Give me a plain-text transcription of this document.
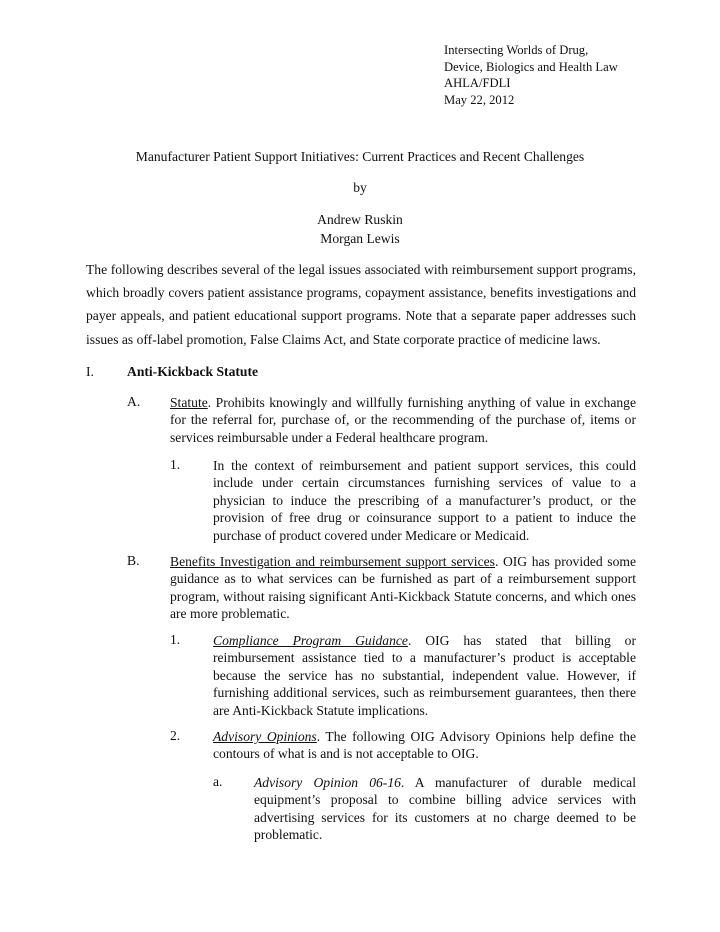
Intersecting Worlds of Drug,
Device, Biologics and Health Law
AHLA/FDLI
May 22, 2012
Manufacturer Patient Support Initiatives: Current Practices and Recent Challenges
by
Andrew Ruskin
Morgan Lewis
The following describes several of the legal issues associated with reimbursement support programs, which broadly covers patient assistance programs, copayment assistance, benefits investigations and payer appeals, and patient educational support programs. Note that a separate paper addresses such issues as off-label promotion, False Claims Act, and State corporate practice of medicine laws.
I. Anti-Kickback Statute
A. Statute. Prohibits knowingly and willfully furnishing anything of value in exchange for the referral for, purchase of, or the recommending of the purchase of, items or services reimbursable under a Federal healthcare program.
1. In the context of reimbursement and patient support services, this could include under certain circumstances furnishing services of value to a physician to induce the prescribing of a manufacturer’s product, or the provision of free drug or coinsurance support to a patient to induce the purchase of product covered under Medicare or Medicaid.
B. Benefits Investigation and reimbursement support services. OIG has provided some guidance as to what services can be furnished as part of a reimbursement support program, without raising significant Anti-Kickback Statute concerns, and which ones are more problematic.
1. Compliance Program Guidance. OIG has stated that billing or reimbursement assistance tied to a manufacturer’s product is acceptable because the service has no substantial, independent value. However, if furnishing additional services, such as reimbursement guarantees, then there are Anti-Kickback Statute implications.
2. Advisory Opinions. The following OIG Advisory Opinions help define the contours of what is and is not acceptable to OIG.
a. Advisory Opinion 06-16. A manufacturer of durable medical equipment’s proposal to combine billing advice services with advertising services for its customers at no charge deemed to be problematic.
